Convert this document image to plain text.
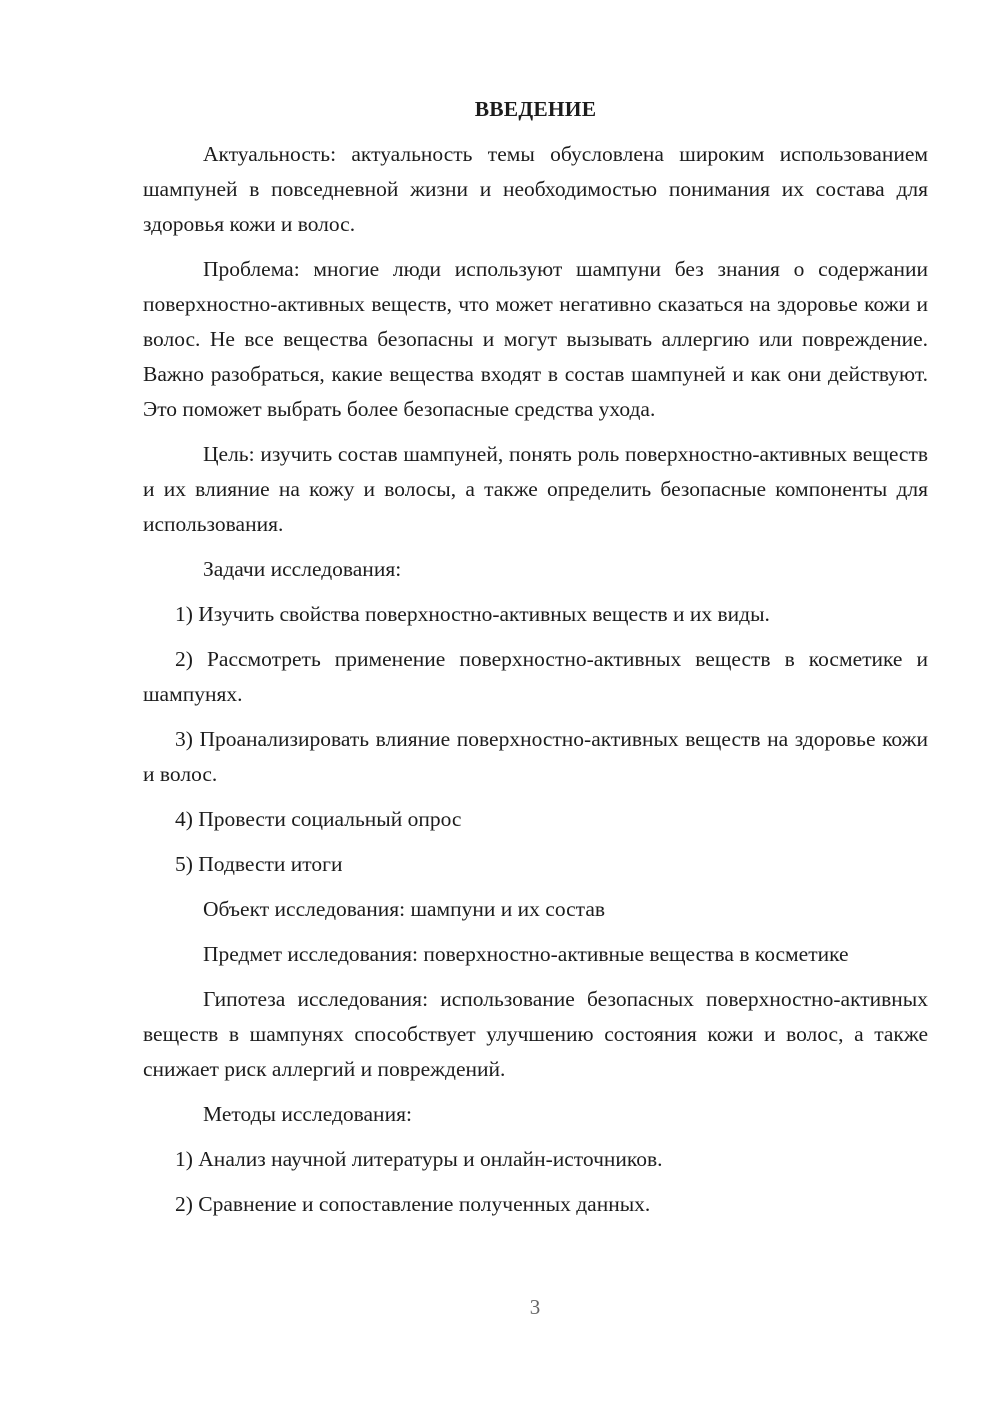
ВВЕДЕНИЕ

Актуальность: актуальность темы обусловлена широким использованием шампуней в повседневной жизни и необходимостью понимания их состава для здоровья кожи и волос.

Проблема: многие люди используют шампуни без знания о содержании поверхностно-активных веществ, что может негативно сказаться на здоровье кожи и волос. Не все вещества безопасны и могут вызывать аллергию или повреждение. Важно разобраться, какие вещества входят в состав шампуней и как они действуют. Это поможет выбрать более безопасные средства ухода.

Цель: изучить состав шампуней, понять роль поверхностно-активных веществ и их влияние на кожу и волосы, а также определить безопасные компоненты для использования.

Задачи исследования:

1) Изучить свойства поверхностно-активных веществ и их виды.

2) Рассмотреть применение поверхностно-активных веществ в косметике и шампунях.

3) Проанализировать влияние поверхностно-активных веществ на здоровье кожи и волос.

4) Провести социальный опрос

5) Подвести итоги

Объект исследования: шампуни и их состав

Предмет исследования: поверхностно-активные вещества в косметике

Гипотеза исследования: использование безопасных поверхностно-активных веществ в шампунях способствует улучшению состояния кожи и волос, а также снижает риск аллергий и повреждений.

Методы исследования:

1) Анализ научной литературы и онлайн-источников.

2) Сравнение и сопоставление полученных данных.

3
